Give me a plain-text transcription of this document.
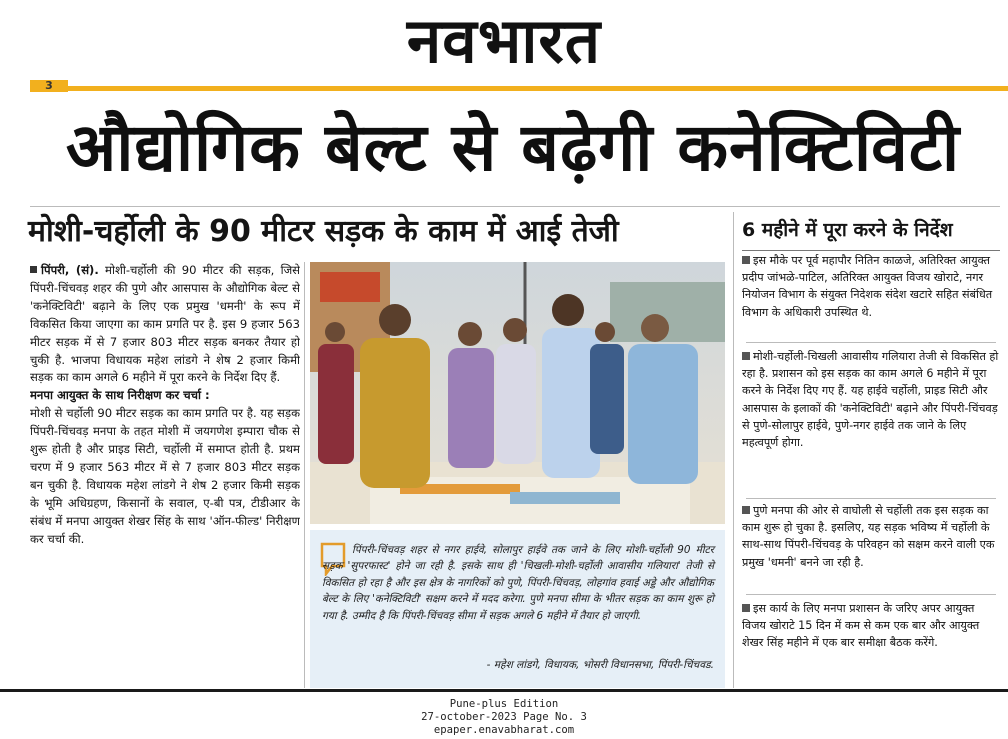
नवभारत
3
औद्योगिक बेल्ट से बढ़ेगी कनेक्टिविटी
मोशी-चर्होली के 90 मीटर सड़क के काम में आई तेजी	6 महीने में पूरा करने के निर्देश

पिंपरी, (सं). मोशी-चर्होली की 90 मीटर की सड़क, जिसे पिंपरी-चिंचवड़ शहर की पुणे और आसपास के औद्योगिक बेल्ट से 'कनेक्टिविटी' बढ़ाने के लिए एक प्रमुख 'धमनी' के रूप में विकसित किया जाएगा का काम प्रगति पर है. इस 9 हजार 563 मीटर सड़क में से 7 हजार 803 मीटर सड़क बनकर तैयार हो चुकी है. भाजपा विधायक महेश लांडगे ने शेष 2 हजार किमी सड़क का काम अगले 6 महीने में पूरा करने के निर्देश दिए हैं.

मनपा आयुक्त के साथ निरीक्षण कर चर्चा :

मोशी से चर्होली 90 मीटर सड़क का काम प्रगति पर है. यह सड़क पिंपरी-चिंचवड़ मनपा के तहत मोशी में जयगणेश इम्पारा चौक से शुरू होती है और प्राइड सिटी, चर्होली में समाप्त होती है. प्रथम चरण में 9 हजार 563 मीटर में से 7 हजार 803 मीटर सड़क बन चुकी है. विधायक महेश लांडगे ने शेष 2 हजार किमी सड़क के भूमि अधिग्रहण, किसानों के सवाल, ए-बी पत्र, टीडीआर के संबंध में मनपा आयुक्त शेखर सिंह के साथ 'ऑन-फील्ड' निरीक्षण कर चर्चा की.

पिंपरी-चिंचवड़ शहर से नगर हाईवे, सोलापुर हाईवे तक जाने के लिए मोशी-चर्होली 90 मीटर सड़क 'सुपरफास्ट' होने जा रही है. इसके साथ ही 'चिखली-मोशी-चर्होली आवासीय गलियारा' तेजी से विकसित हो रहा है और इस क्षेत्र के नागरिकों को पुणे, पिंपरी-चिंचवड़, लोहगांव हवाई अड्डे और औद्योगिक बेल्ट के लिए 'कनेक्टिविटी' सक्षम करने में मदद करेगा. पुणे मनपा सीमा के भीतर सड़क का काम शुरू हो गया है. उम्मीद है कि पिंपरी-चिंचवड़ सीमा में सड़क अगले 6 महीने में तैयार हो जाएगी.
- महेश लांडगे, विधायक, भोसरी विधानसभा, पिंपरी-चिंचवड.
इस मौके पर पूर्व महापौर नितिन काळजे, अतिरिक्त आयुक्त प्रदीप जांभळे-पाटिल, अतिरिक्त आयुक्त विजय खोराटे, नगर नियोजन विभाग के संयुक्त निदेशक संदेश खटारे सहित संबंधित विभाग के अधिकारी उपस्थित थे.
मोशी-चर्होली-चिखली आवासीय गलियारा तेजी से विकसित हो रहा है. प्रशासन को इस सड़क का काम अगले 6 महीने में पूरा करने के निर्देश दिए गए हैं. यह हाईवे चर्होली, प्राइड सिटी और आसपास के इलाकों की 'कनेक्टिविटी' बढ़ाने और पिंपरी-चिंचवड़ से पुणे-सोलापुर हाईवे, पुणे-नगर हाईवे तक जाने के लिए महत्वपूर्ण होगा.
पुणे मनपा की ओर से वाघोली से चर्होली तक इस सड़क का काम शुरू हो चुका है. इसलिए, यह सड़क भविष्य में चर्होली के साथ-साथ पिंपरी-चिंचवड़ के परिवहन को सक्षम करने वाली एक प्रमुख 'धमनी' बनने जा रही है.
इस कार्य के लिए मनपा प्रशासन के जरिए अपर आयुक्त विजय खोराटे 15 दिन में कम से कम एक बार और आयुक्त शेखर सिंह महीने में एक बार समीक्षा बैठक करेंगे.
Pune-plus Edition
27-october-2023 Page No. 3
epaper.enavabharat.com
